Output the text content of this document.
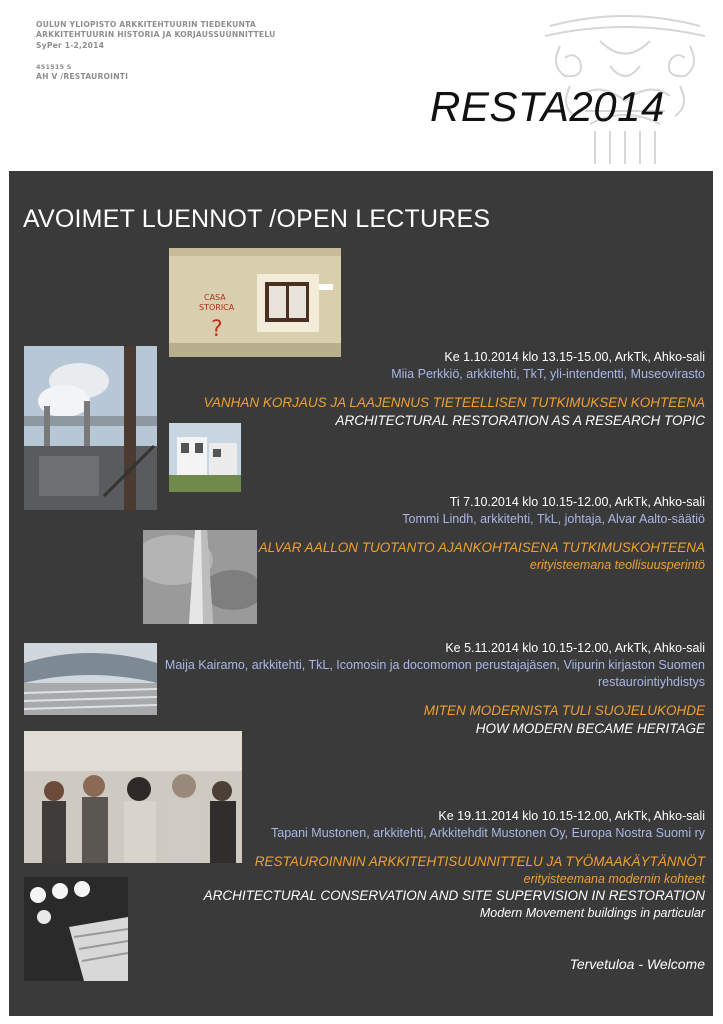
OULUN YLIOPISTO ARKKITEHTUURIN TIEDEKUNTA
ARKKITEHTUURIN HISTORIA JA KORJAUSSUUNNITTELU
SyPer 1-2,2014
451515 S
AH V /RESTAUROINTI
RESTA2014
AVOIMET LUENNOT /OPEN LECTURES
CASA
STORICA
?
Ke 1.10.2014 klo 13.15-15.00, ArkTk, Ahko-sali
Miia Perkkiö, arkkitehti, TkT, yli-intendentti, Museovirasto
VANHAN KORJAUS JA LAAJENNUS TIETEELLISEN TUTKIMUKSEN KOHTEENA
ARCHITECTURAL RESTORATION AS A RESEARCH TOPIC
Ti 7.10.2014 klo 10.15-12.00, ArkTk, Ahko-sali
Tommi Lindh, arkkitehti, TkL, johtaja, Alvar Aalto-säätiö
ALVAR AALLON TUOTANTO AJANKOHTAISENA TUTKIMUSKOHTEENA
erityisteemana teollisuusperintö
Ke 5.11.2014 klo 10.15-12.00, ArkTk, Ahko-sali
Maija Kairamo, arkkitehti, TkL, Icomosin ja docomomon perustajajäsen, Viipurin kirjaston Suomen
restaurointiyhdistys
MITEN MODERNISTA TULI SUOJELUKOHDE
HOW MODERN BECAME HERITAGE
Ke 19.11.2014 klo 10.15-12.00, ArkTk, Ahko-sali
Tapani Mustonen, arkkitehti, Arkkitehdit Mustonen Oy, Europa Nostra Suomi ry
RESTAUROINNIN ARKKITEHTISUUNNITTELU JA TYÖMAAKÄYTÄNNÖT
erityisteemana modernin kohteet
ARCHITECTURAL CONSERVATION AND SITE SUPERVISION IN RESTORATION
Modern Movement buildings in particular
Tervetuloa - Welcome
